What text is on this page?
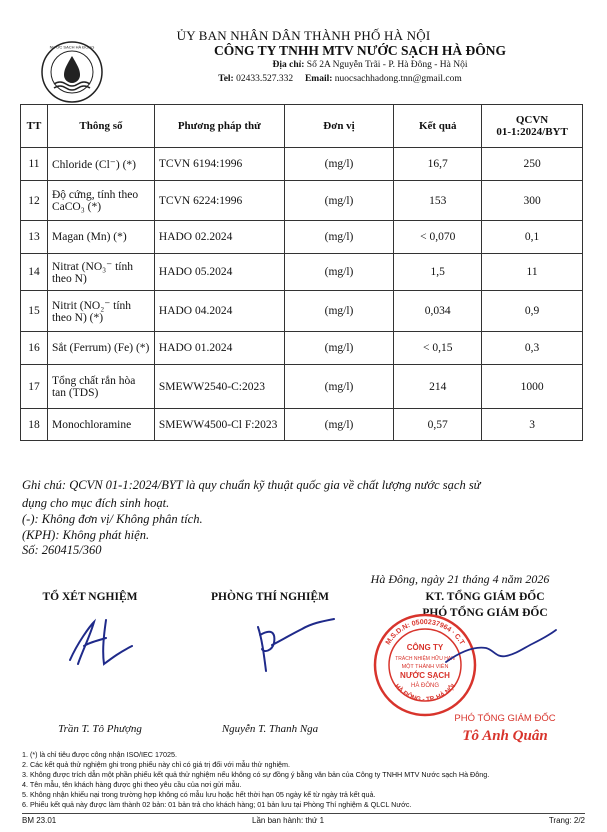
NƯỚC SẠCH HÀ ĐÔNG
ỦY BAN NHÂN DÂN THÀNH PHỐ HÀ NỘI
CÔNG TY TNHH MTV NƯỚC SẠCH HÀ ĐÔNG
Địa chỉ: Số 2A Nguyễn Trãi - P. Hà Đông - Hà Nội
Tel: 02433.527.332 Email: nuocsachhadong.tnn@gmail.com
TT	Thông số	Phương pháp thử	Đơn vị	Kết quả	QCVN
01-1:2024/BYT
11	Chloride (Cl⁻) (*)	TCVN 6194:1996	(mg/l)	16,7	250
12	Độ cứng, tính theo CaCO₃ (*)	TCVN 6224:1996	(mg/l)	153	300
13	Magan (Mn) (*)	HADO 02.2024	(mg/l)	< 0,070	0,1
14	Nitrat (NO₃⁻ tính theo N)	HADO 05.2024	(mg/l)	1,5	11
15	Nitrit (NO₂⁻ tính theo N) (*)	HADO 04.2024	(mg/l)	0,034	0,9
16	Sắt (Ferrum) (Fe) (*)	HADO 01.2024	(mg/l)	< 0,15	0,3
17	Tổng chất rắn hòa tan (TDS)	SMEWW2540-C:2023	(mg/l)	214	1000
18	Monochloramine	SMEWW4500-Cl F:2023	(mg/l)	0,57	3
Ghi chú: QCVN 01-1:2024/BYT là quy chuẩn kỹ thuật quốc gia về chất lượng nước sạch sử
dụng cho mục đích sinh hoạt.
(-): Không đơn vị/ Không phân tích.
(KPH): Không phát hiện.
Số: 260415/360
Hà Đông, ngày 21 tháng 4 năm 2026
TỔ XÉT NGHIỆM	PHÒNG THÍ NGHIỆM	KT. TỔNG GIÁM ĐỐC
PHÓ TỔNG GIÁM ĐỐC
M.S.D.N: 0500237964 · C.T
HÀ ĐÔNG - TP. HÀ NỘI
CÔNG TY
TRÁCH NHIỆM HỮU HẠN
MỘT THÀNH VIÊN
NƯỚC SẠCH
HÀ ĐÔNG
Trần T. Tô Phượng	Nguyễn T. Thanh Nga
PHÓ TỔNG GIÁM ĐỐC
Tô Anh Quân
1. (*) là chỉ tiêu được công nhận ISO/IEC 17025.
2. Các kết quả thử nghiệm ghi trong phiếu này chỉ có giá trị đối với mẫu thử nghiệm.
3. Không được trích dẫn một phần phiếu kết quả thử nghiệm nếu không có sự đồng ý bằng văn bản của Công ty TNHH MTV Nước sạch Hà Đông.
4. Tên mẫu, tên khách hàng được ghi theo yêu cầu của nơi gửi mẫu.
5. Không nhận khiếu nại trong trường hợp không có mẫu lưu hoặc hết thời hạn 05 ngày kể từ ngày trả kết quả.
6. Phiếu kết quả này được làm thành 02 bản: 01 bản trả cho khách hàng; 01 bản lưu tại Phòng Thí nghiệm & QLCL Nước.
BM 23.01	Lần ban hành: thứ 1	Trang: 2/2
